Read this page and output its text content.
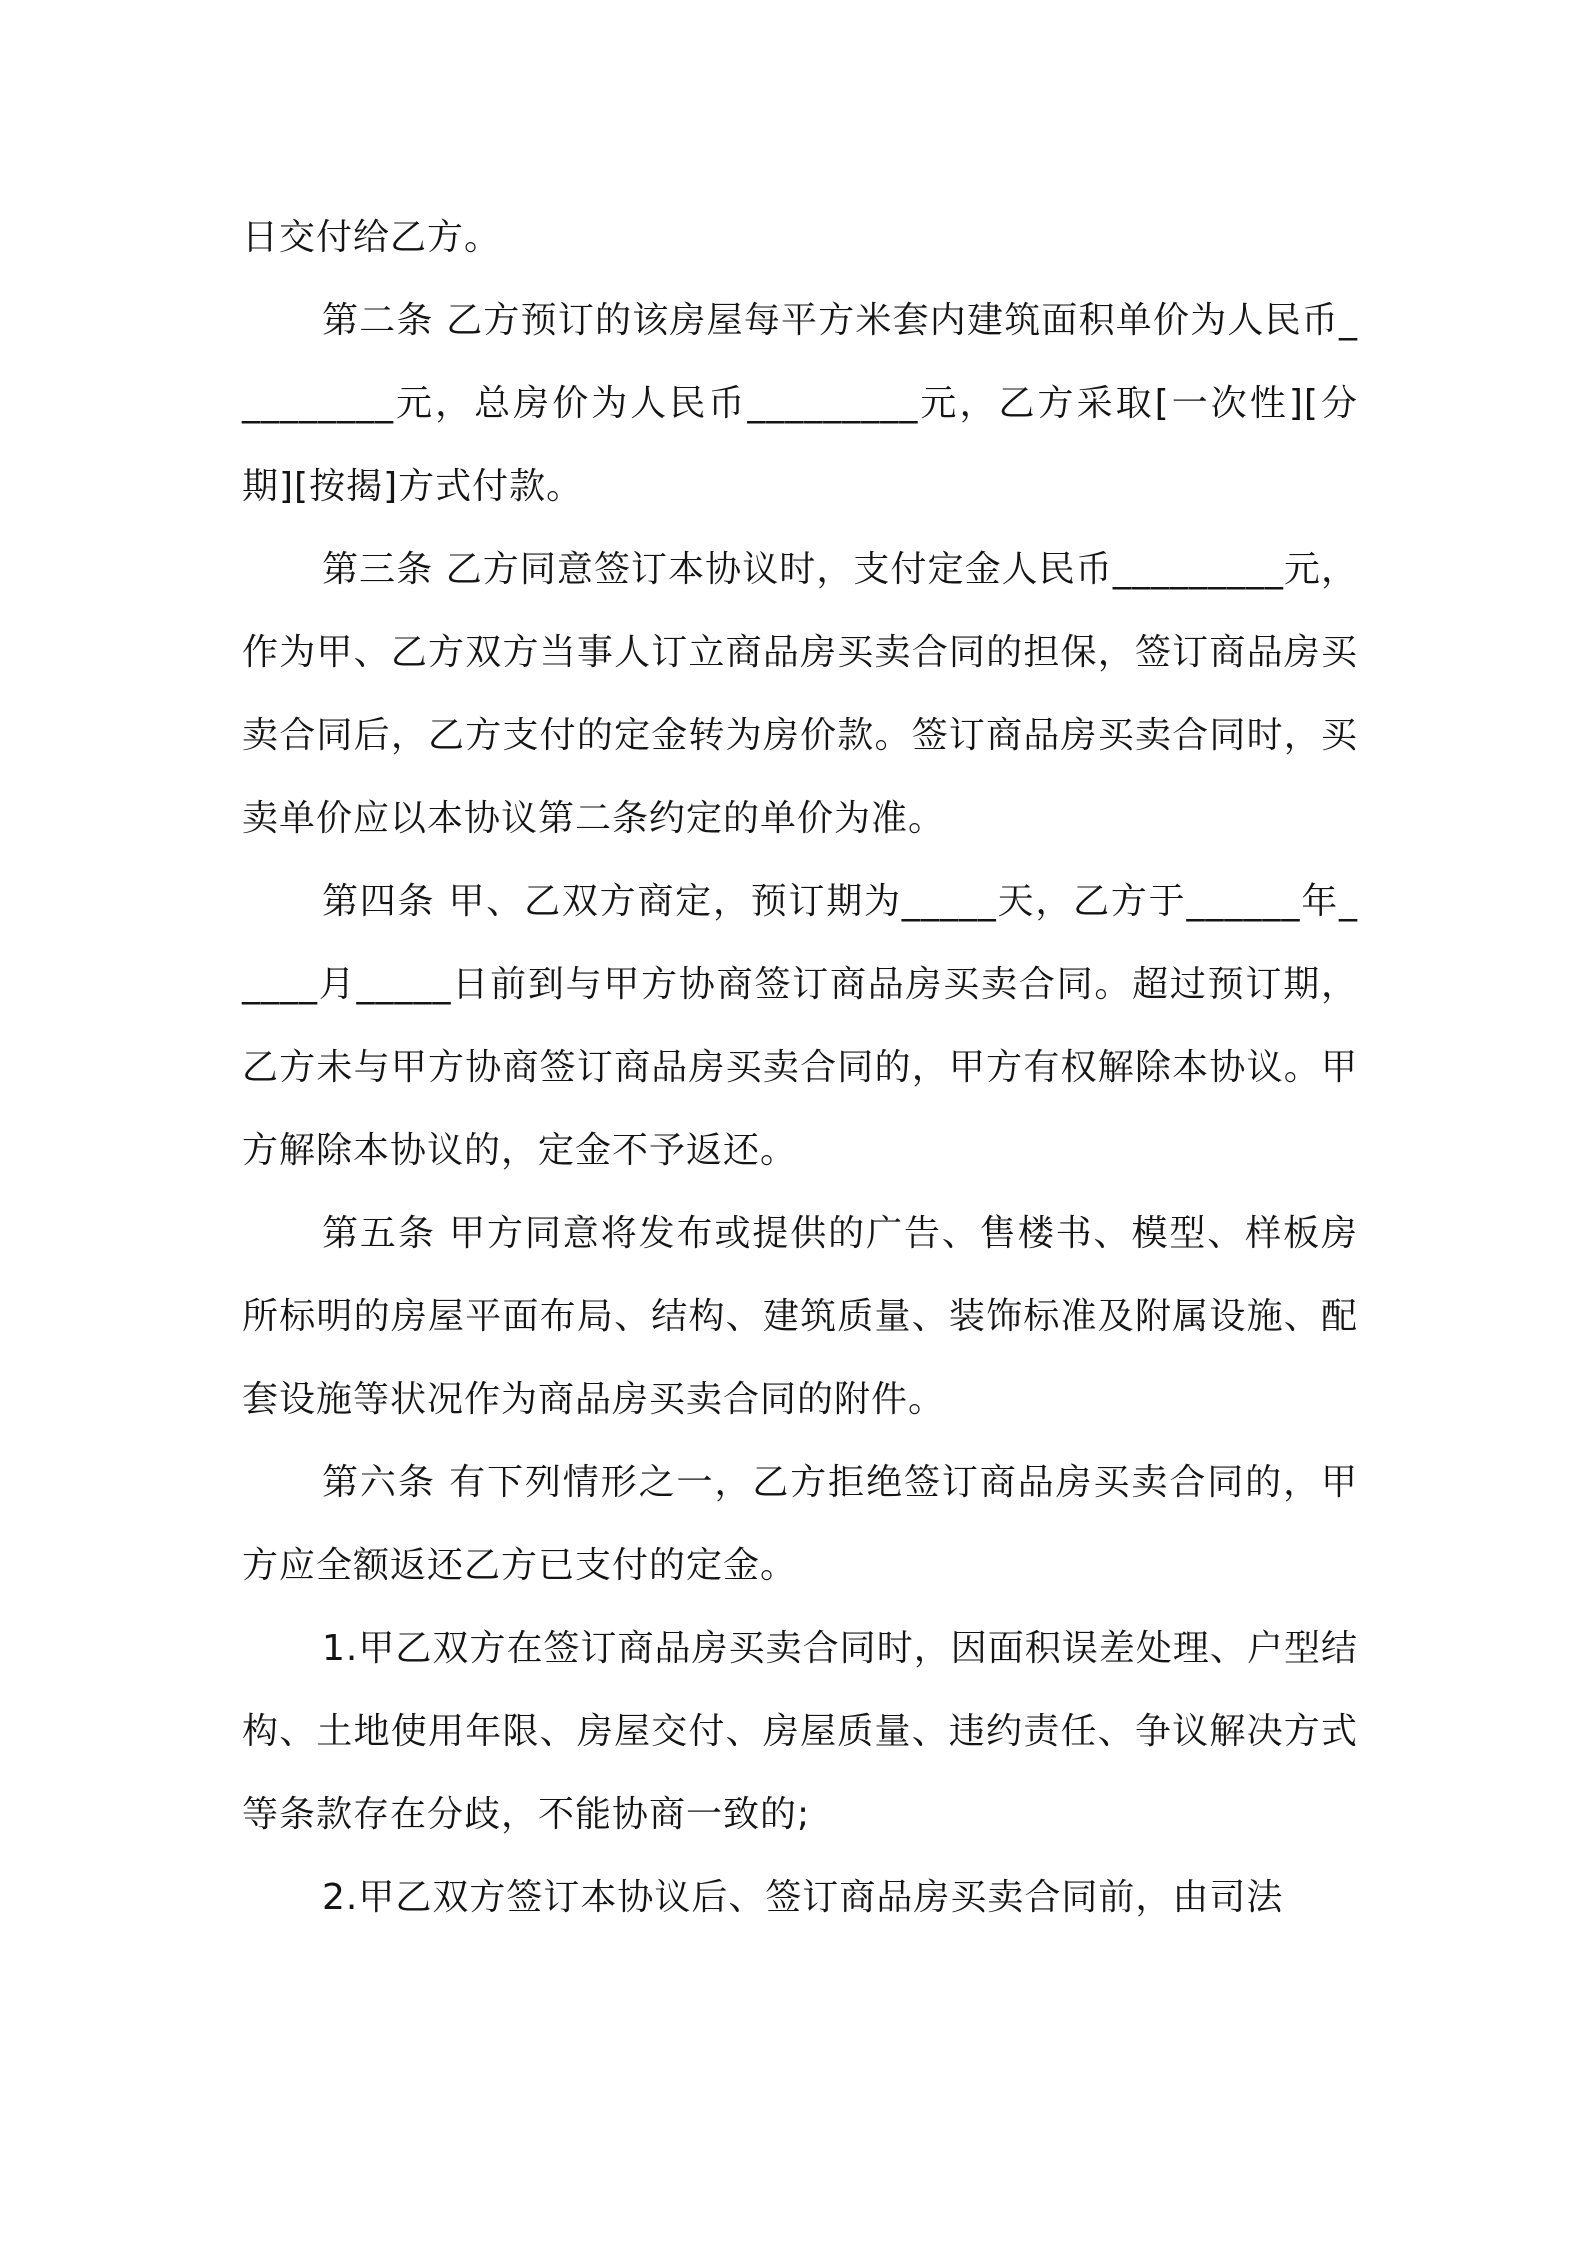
日交付给乙方。

第二条 乙方预订的该房屋每平方米套内建筑面积单价为人民币_________元，总房价为人民币_________元，乙方采取[一次性][分期][按揭]方式付款。

第三条 乙方同意签订本协议时，支付定金人民币_________元，作为甲、乙方双方当事人订立商品房买卖合同的担保，签订商品房买卖合同后，乙方支付的定金转为房价款。签订商品房买卖合同时，买卖单价应以本协议第二条约定的单价为准。

第四条 甲、乙双方商定，预订期为_____天，乙方于______年_____月_____日前到与甲方协商签订商品房买卖合同。超过预订期，乙方未与甲方协商签订商品房买卖合同的，甲方有权解除本协议。甲方解除本协议的，定金不予返还。

第五条 甲方同意将发布或提供的广告、售楼书、模型、样板房所标明的房屋平面布局、结构、建筑质量、装饰标准及附属设施、配套设施等状况作为商品房买卖合同的附件。

第六条 有下列情形之一，乙方拒绝签订商品房买卖合同的，甲方应全额返还乙方已支付的定金。

1.甲乙双方在签订商品房买卖合同时，因面积误差处理、户型结构、土地使用年限、房屋交付、房屋质量、违约责任、争议解决方式等条款存在分歧，不能协商一致的;

2.甲乙双方签订本协议后、签订商品房买卖合同前，由司法
